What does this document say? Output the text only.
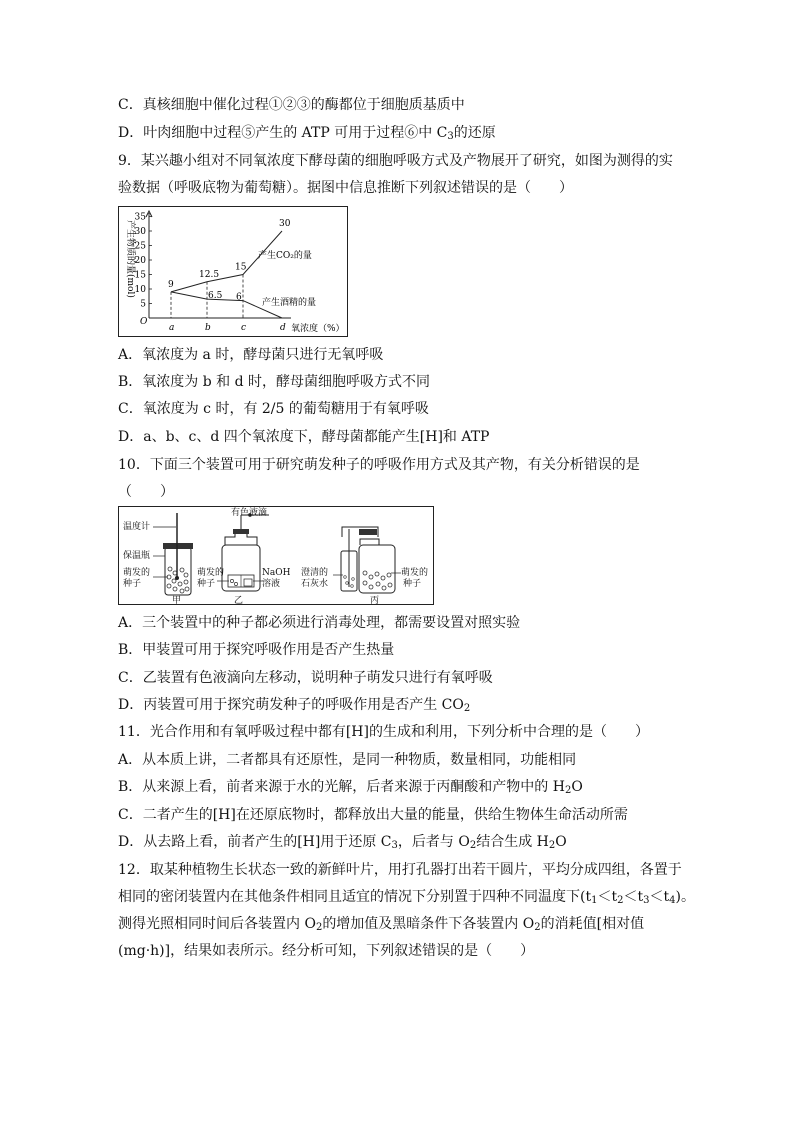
C．真核细胞中催化过程①②③的酶都位于细胞质基质中
D．叶肉细胞中过程⑤产生的 ATP 可用于过程⑥中 $C_3$的还原
9．某兴趣小组对不同氧浓度下酵母菌的细胞呼吸方式及产物展开了研究，如图为测得的实
验数据（呼吸底物为葡萄糖）。据图中信息推断下列叙述错误的是（　　）
O
5
10
15
20
25
30
35
产生物质的量(mol)
a	b	c	d 氧浓度（%）
9
12.5
15
30
6.5 6
产生CO₂的量
产生酒精的量
A．氧浓度为 a 时，酵母菌只进行无氧呼吸
B．氧浓度为 b 和 d 时，酵母菌细胞呼吸方式不同
C．氧浓度为 c 时，有 2/5 的葡萄糖用于有氧呼吸
D．a、b、c、d 四个氧浓度下，酵母菌都能产生[H]和 ATP
10．下面三个装置可用于研究萌发种子的呼吸作用方式及其产物，有关分析错误的是
（　　）
温度计
保温瓶
萌发的
种子
甲
有色液滴
萌发的
种子
NaOH
溶液
乙
澄清的
石灰水
萌发的
种子
丙
A．三个装置中的种子都必须进行消毒处理，都需要设置对照实验
B．甲装置可用于探究呼吸作用是否产生热量
C．乙装置有色液滴向左移动，说明种子萌发只进行有氧呼吸
D．丙装置可用于探究萌发种子的呼吸作用是否产生 $CO_2$
11．光合作用和有氧呼吸过程中都有[H]的生成和利用，下列分析中合理的是（　　）
A．从本质上讲，二者都具有还原性，是同一种物质，数量相同，功能相同
B．从来源上看，前者来源于水的光解，后者来源于丙酮酸和产物中的 $H_2O$
C．二者产生的[H]在还原底物时，都释放出大量的能量，供给生物体生命活动所需
D．从去路上看，前者产生的[H]用于还原 $C_3$，后者与 $O_2$结合生成 $H_2O$
12．取某种植物生长状态一致的新鲜叶片，用打孔器打出若干圆片，平均分成四组，各置于
相同的密闭装置内在其他条件相同且适宜的情况下分别置于四种不同温度下$(t_1<t_2<t_3<t_4)$。
测得光照相同时间后各装置内 $O_2$的增加值及黑暗条件下各装置内 $O_2$的消耗值[相对值
(mg·h)]，结果如表所示。经分析可知，下列叙述错误的是（　　）
